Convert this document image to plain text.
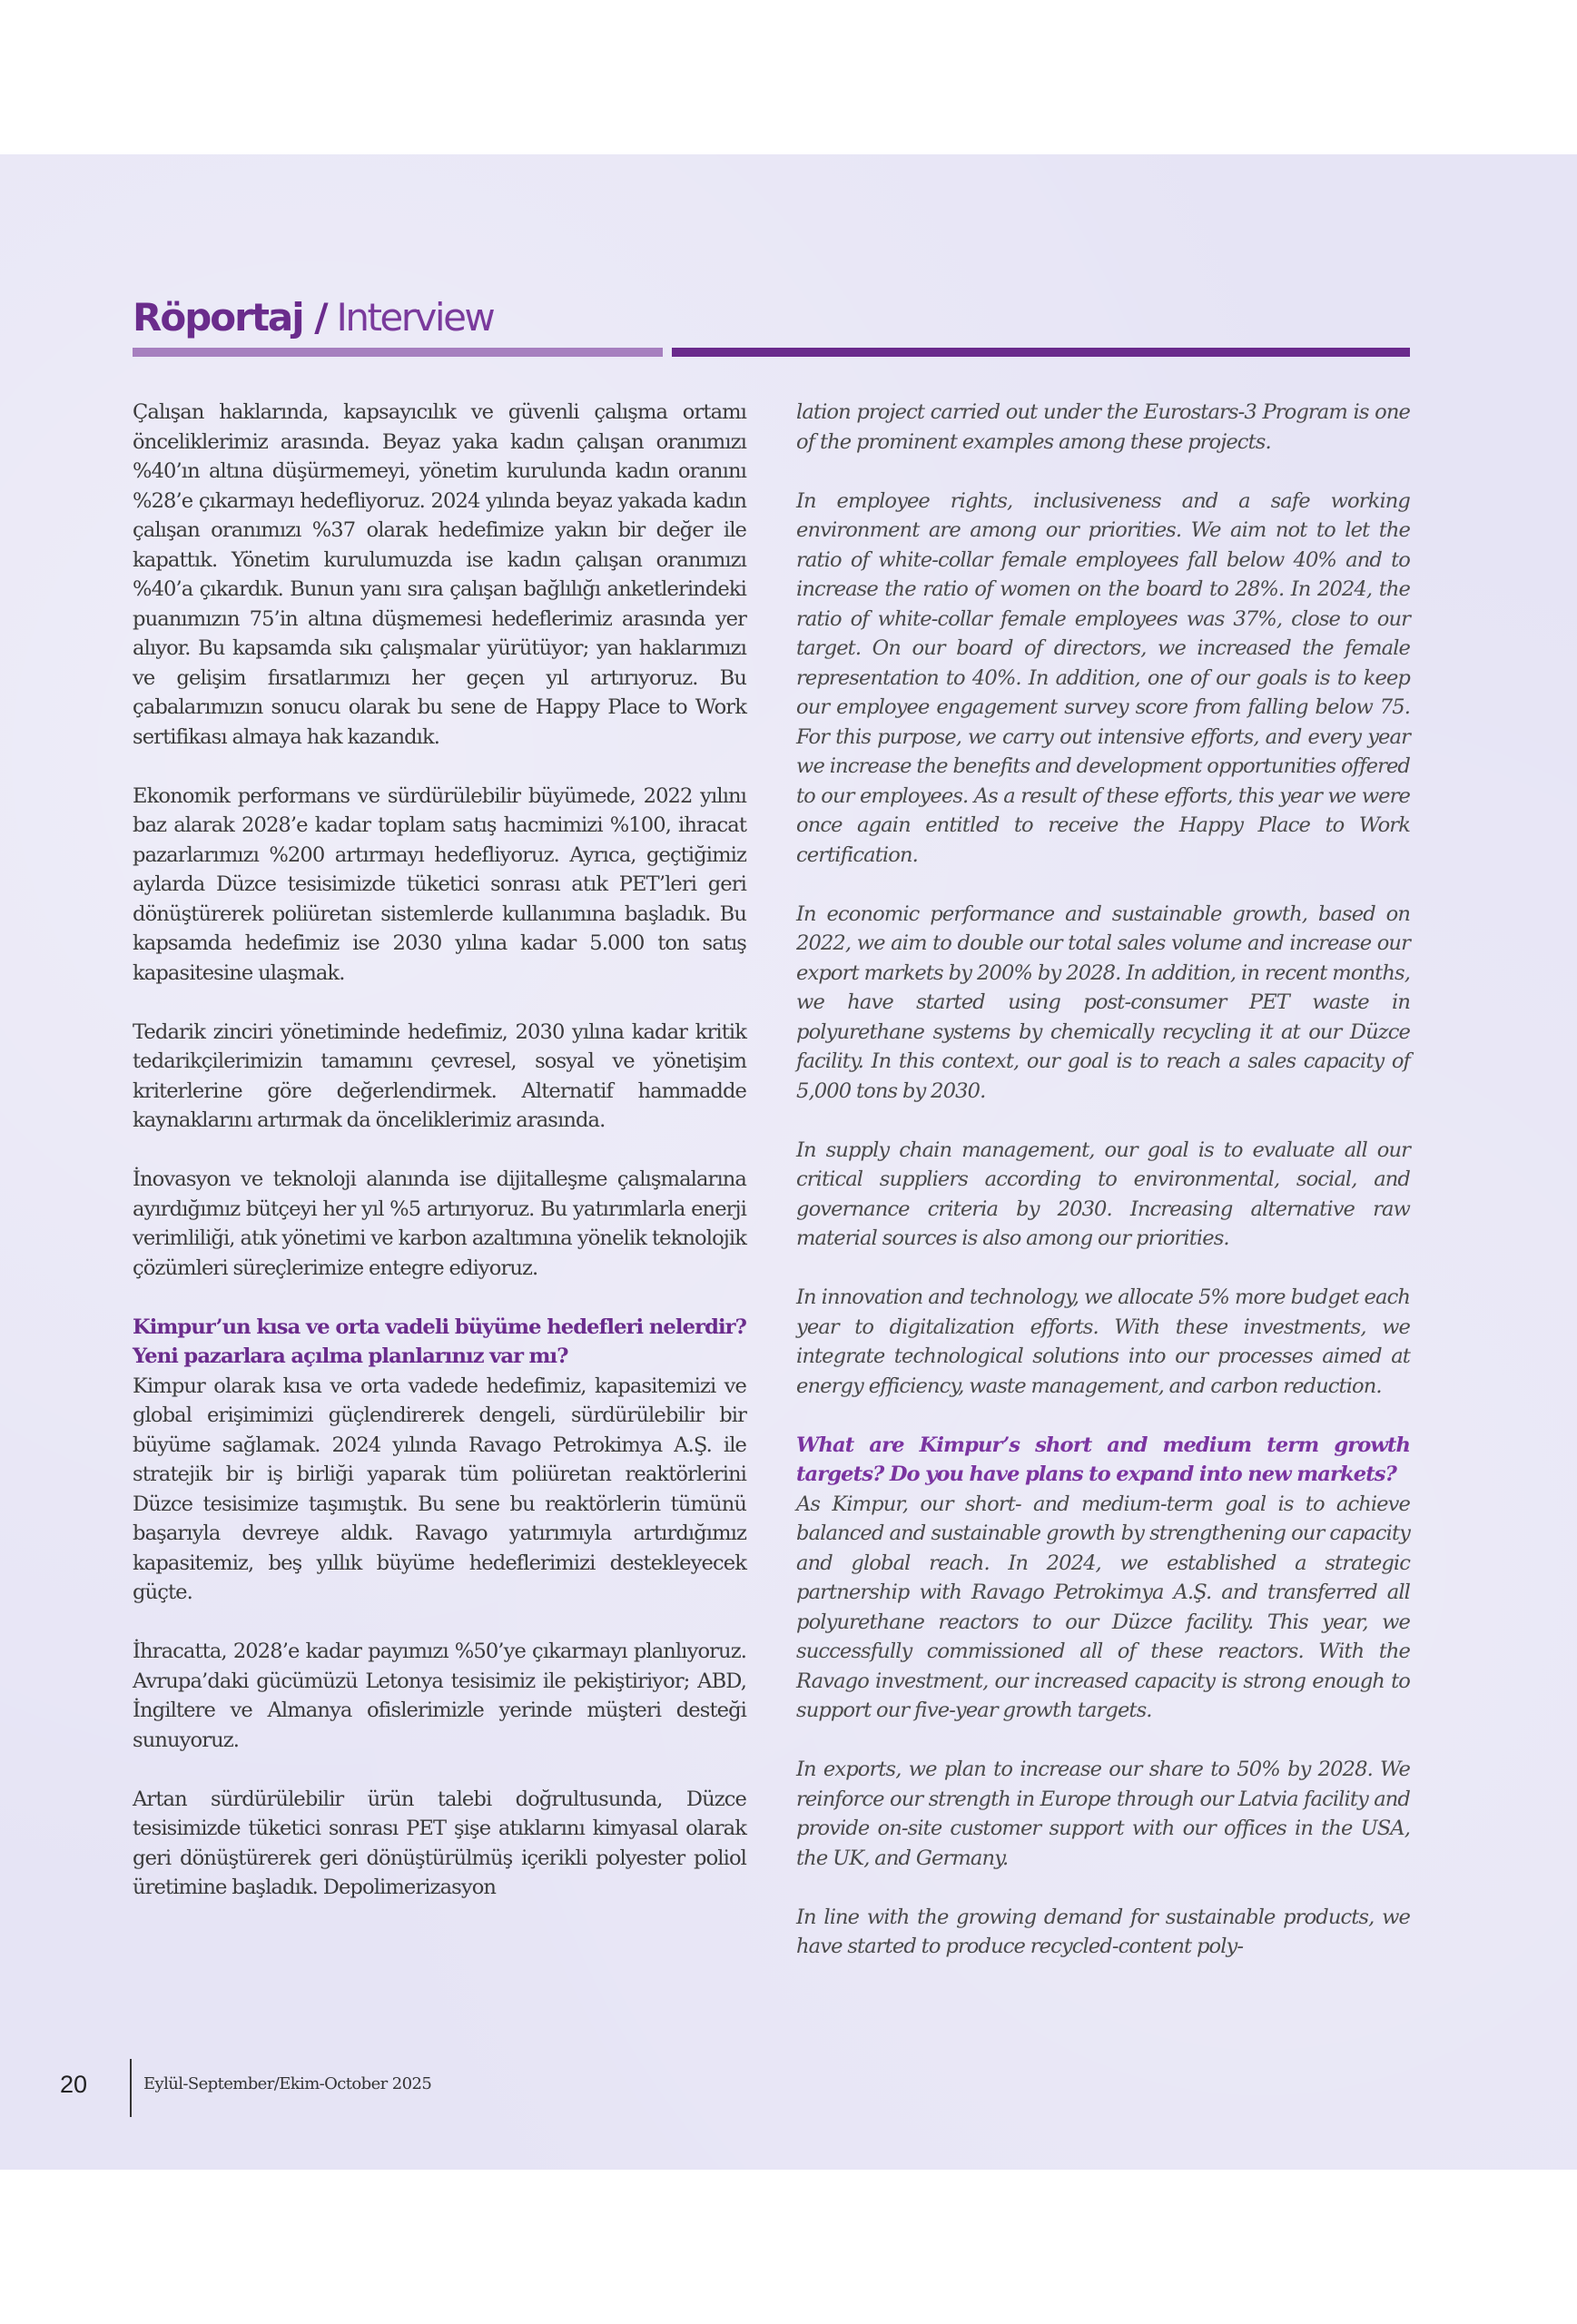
Röportaj / Interview

Çalışan haklarında, kapsayıcılık ve güvenli çalışma ortamı önceliklerimiz arasında. Beyaz yaka kadın çalışan oranımızı %40’ın altına düşürmemeyi, yönetim kurulunda kadın oranını %28’e çıkarmayı hedefliyoruz. 2024 yılında beyaz yakada kadın çalışan oranımızı %37 olarak hedefimize yakın bir değer ile kapattık. Yönetim kurulumuzda ise kadın çalışan oranımızı %40’a çıkardık. Bunun yanı sıra çalışan bağlılığı anketlerindeki puanımızın 75’in altına düşmemesi hedeflerimiz arasında yer alıyor. Bu kapsamda sıkı çalışmalar yürütüyor; yan haklarımızı ve gelişim fırsatlarımızı her geçen yıl artırıyoruz. Bu çabalarımızın sonucu olarak bu sene de Happy Place to Work sertifikası almaya hak kazandık.

Ekonomik performans ve sürdürülebilir büyümede, 2022 yılını baz alarak 2028’e kadar toplam satış hacmimizi %100, ihracat pazarlarımızı %200 artırmayı hedefliyoruz. Ayrıca, geçtiğimiz aylarda Düzce tesisimizde tüketici sonrası atık PET’leri geri dönüştürerek poliüretan sistemlerde kullanımına başladık. Bu kapsamda hedefimiz ise 2030 yılına kadar 5.000 ton satış kapasitesine ulaşmak.

Tedarik zinciri yönetiminde hedefimiz, 2030 yılına kadar kritik tedarikçilerimizin tamamını çevresel, sosyal ve yönetişim kriterlerine göre değerlendirmek. Alternatif hammadde kaynaklarını artırmak da önceliklerimiz arasında.

İnovasyon ve teknoloji alanında ise dijitalleşme çalışmalarına ayırdığımız bütçeyi her yıl %5 artırıyoruz. Bu yatırımlarla enerji verimliliği, atık yönetimi ve karbon azaltımına yönelik teknolojik çözümleri süreçlerimize entegre ediyoruz.

Kimpur’un kısa ve orta vadeli büyüme hedefleri nelerdir? Yeni pazarlara açılma planlarınız var mı?

Kimpur olarak kısa ve orta vadede hedefimiz, kapasitemizi ve global erişimimizi güçlendirerek dengeli, sürdürülebilir bir büyüme sağlamak. 2024 yılında Ravago Petrokimya A.Ş. ile stratejik bir iş birliği yaparak tüm poliüretan reaktörlerini Düzce tesisimize taşımıştık. Bu sene bu reaktörlerin tümünü başarıyla devreye aldık. Ravago yatırımıyla artırdığımız kapasitemiz, beş yıllık büyüme hedeflerimizi destekleyecek güçte.

İhracatta, 2028’e kadar payımızı %50’ye çıkarmayı planlıyoruz. Avrupa’daki gücümüzü Letonya tesisimiz ile pekiştiriyor; ABD, İngiltere ve Almanya ofislerimizle yerinde müşteri desteği sunuyoruz.

Artan sürdürülebilir ürün talebi doğrultusunda, Düzce tesisimizde tüketici sonrası PET şişe atıklarını kimyasal olarak geri dönüştürerek geri dönüştürülmüş içerikli polyester poliol üretimine başladık. Depolimerizasyon

lation project carried out under the Eurostars-3 Program is one of the prominent examples among these projects.

In employee rights, inclusiveness and a safe working environment are among our priorities. We aim not to let the ratio of white-collar female employees fall below 40% and to increase the ratio of women on the board to 28%. In 2024, the ratio of white-collar female employees was 37%, close to our target. On our board of directors, we increased the female representation to 40%. In addition, one of our goals is to keep our employee engagement survey score from falling below 75. For this purpose, we carry out intensive efforts, and every year we increase the benefits and development opportunities offered to our employees. As a result of these efforts, this year we were once again entitled to receive the Happy Place to Work certification.

In economic performance and sustainable growth, based on 2022, we aim to double our total sales volume and increase our export markets by 200% by 2028. In addition, in recent months, we have started using post-consumer PET waste in polyurethane systems by chemically recycling it at our Düzce facility. In this context, our goal is to reach a sales capacity of 5,000 tons by 2030.

In supply chain management, our goal is to evaluate all our critical suppliers according to environmental, social, and governance criteria by 2030. Increasing alternative raw material sources is also among our priorities.

In innovation and technology, we allocate 5% more budget each year to digitalization efforts. With these investments, we integrate technological solutions into our processes aimed at energy efficiency, waste management, and carbon reduction.

What are Kimpur’s short and medium term growth targets? Do you have plans to expand into new markets?

As Kimpur, our short- and medium-term goal is to achieve balanced and sustainable growth by strengthening our capacity and global reach. In 2024, we established a strategic partnership with Ravago Petrokimya A.Ş. and transferred all polyurethane reactors to our Düzce facility. This year, we successfully commissioned all of these reactors. With the Ravago investment, our increased capacity is strong enough to support our five-year growth targets.

In exports, we plan to increase our share to 50% by 2028. We reinforce our strength in Europe through our Latvia facility and provide on-site customer support with our offices in the USA, the UK, and Germany.

In line with the growing demand for sustainable products, we have started to produce recycled-content poly-

20	Eylül-September/Ekim-October 2025
